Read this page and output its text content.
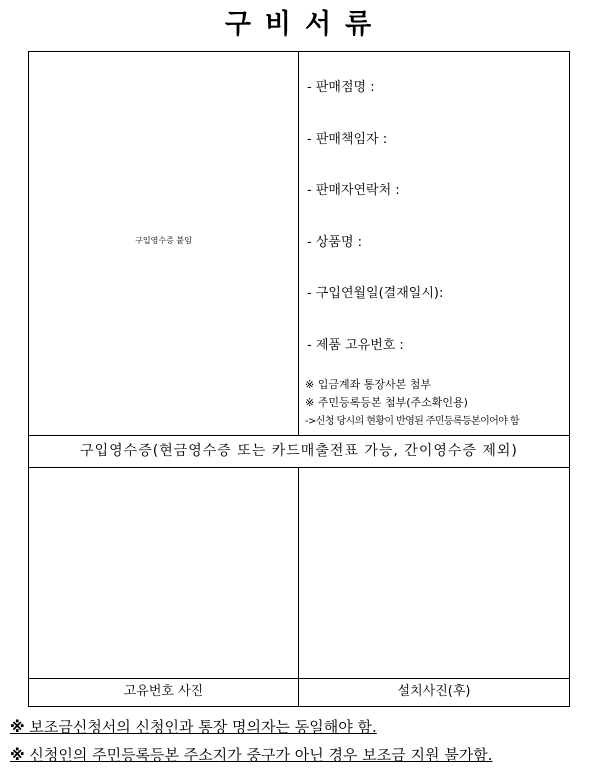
구비서류
구입영수증 붙임
- 판매점명 :
- 판매책임자 :
- 판매자연락처 :
- 상품명 :
- 구입연월일(결재일시):
- 제품 고유번호 :
※ 입금계좌 통장사본 첨부
※ 주민등록등본 첨부(주소확인용)
->신청 당시의 현황이 반영된 주민등록등본이어야 함
구입영수증(현금영수증 또는 카드매출전표 가능, 간이영수증 제외)
고유번호 사진	설치사진(후)
※ 보조금신청서의 신청인과 통장 명의자는 동일해야 함.
※ 신청인의 주민등록등본 주소지가 중구가 아닌 경우 보조금 지원 불가함.
